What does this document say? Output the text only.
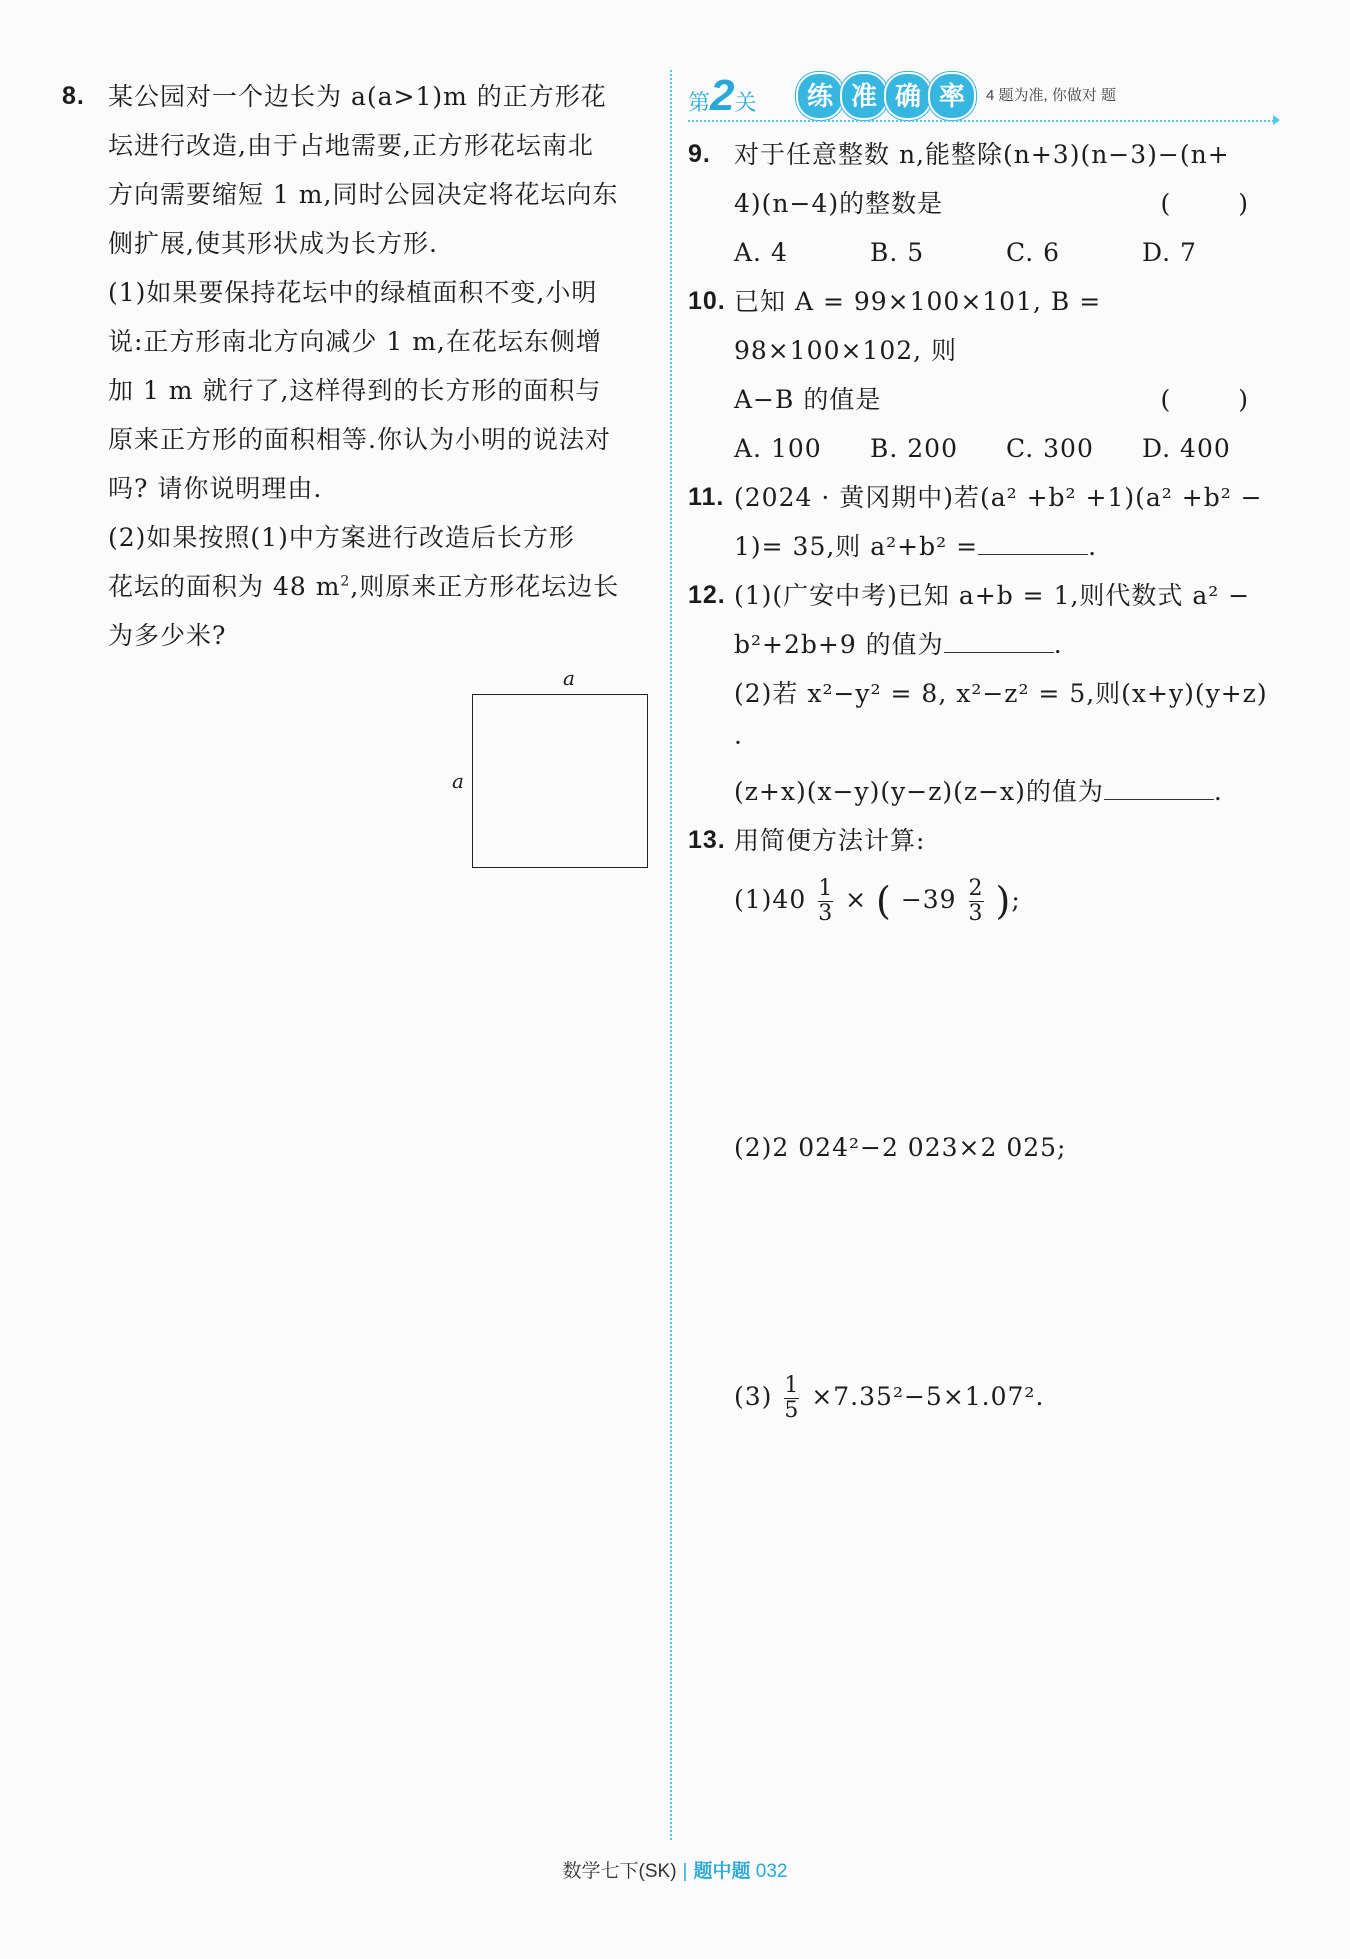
8. 某公园对一个边长为 a(a>1)m 的正方形花
坛进行改造,由于占地需要,正方形花坛南北
方向需要缩短 1 m,同时公园决定将花坛向东
侧扩展,使其形状成为长方形.
(1)如果要保持花坛中的绿植面积不变,小明
说:正方形南北方向减少 1 m,在花坛东侧增
加 1 m 就行了,这样得到的长方形的面积与
原来正方形的面积相等.你认为小明的说法对
吗? 请你说明理由.
(2)如果按照(1)中方案进行改造后长方形
花坛的面积为 48 $m^2$,则原来正方形花坛边长
为多少米?
a
a
第2关	练 准 确 率	4 题为准, 你做对 题
9. 对于任意整数 n,能整除(n+3)(n−3)−(n+
4)(n−4)的整数是	( )
A. 4	B. 5	C. 6	D. 7
10. 已知 A = 99×100×101, B = 98×100×102, 则
A−B 的值是	( )
A. 100	B. 200	C. 300	D. 400
11. (2024 · 黄冈期中)若(a² +b² +1)(a² +b² −
1)= 35,则 a²+b² =	.
12. (1)(广安中考)已知 a+b = 1,则代数式 a² −
b²+2b+9 的值为	.
(2)若 x²−y² = 8, x²−z² = 5,则(x+y)(y+z) ·
(z+x)(x−y)(y−z)(z−x)的值为	.
13. 用简便方法计算:
$(1)40 \frac{1}{3}$ × ( $-39 \frac{2}{3}$ );
(2)2 024²−2 023×2 025;
$(3) \frac{1}{5} \times 7.35^2-5\times 1.07^2$.
数学七下(SK) | 题中题 032
